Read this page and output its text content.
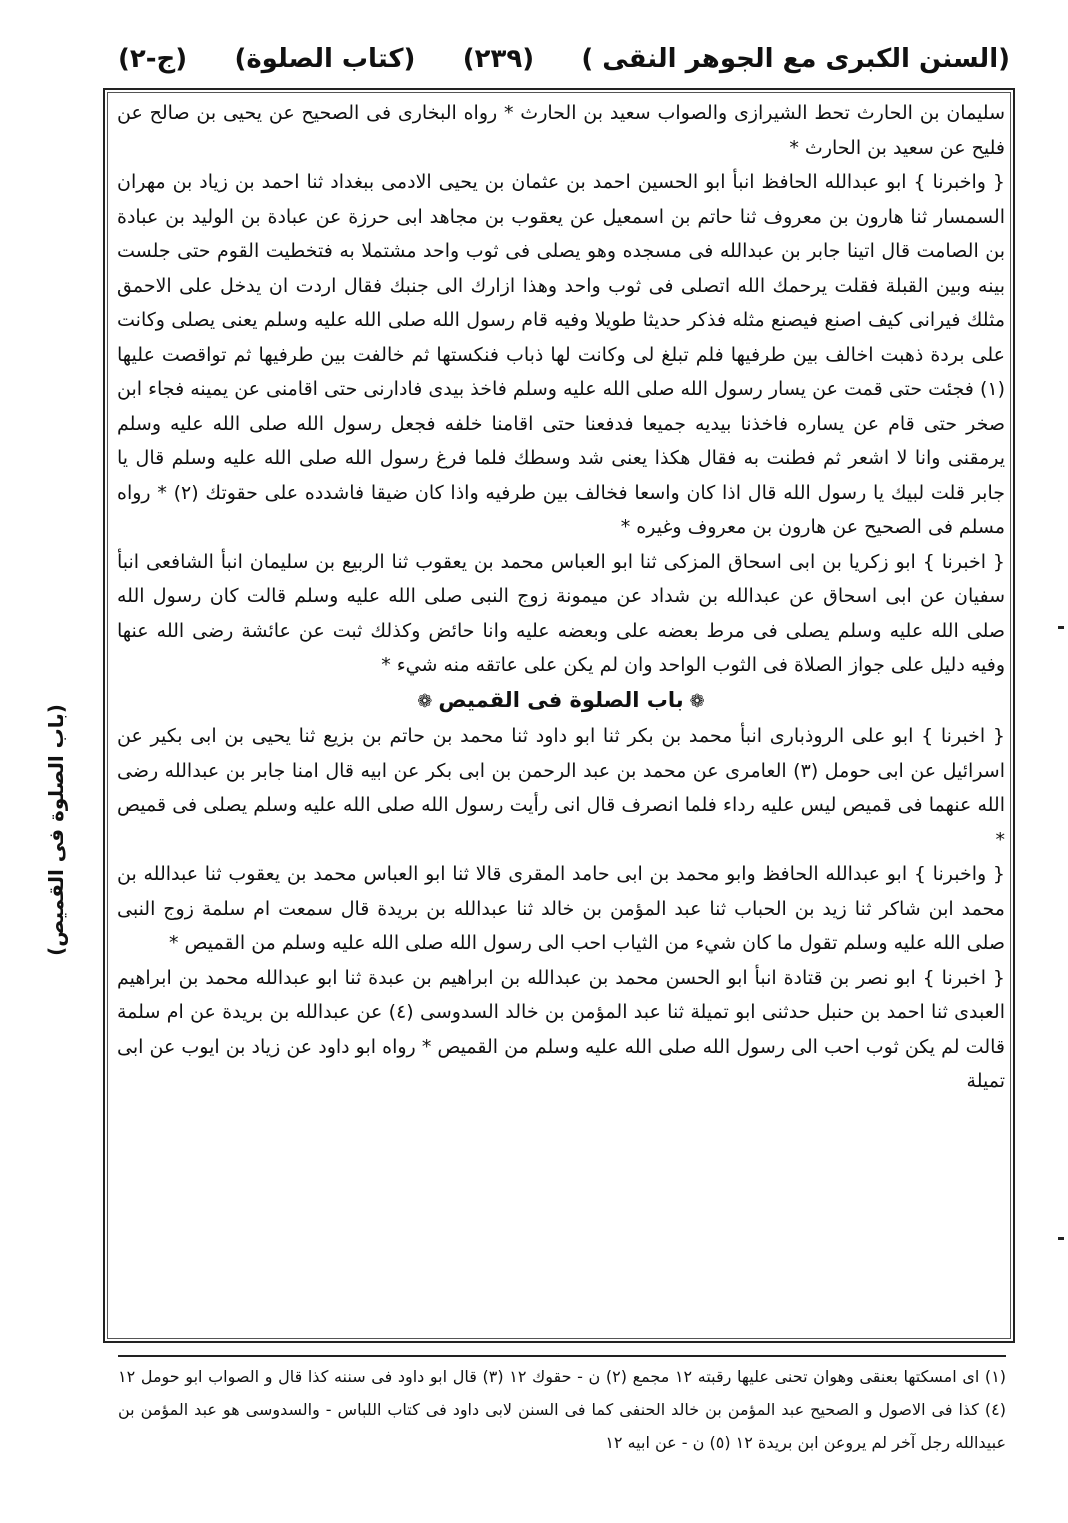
(السنن الكبرى مع الجوهر النقى )
(٢٣٩)
(كتاب الصلوة)
(ج-٢)

سليمان بن الحارث تحط الشيرازى والصواب سعيد بن الحارث * رواه البخارى فى الصحيح عن يحيى بن صالح عن فليح عن سعيد بن الحارث *

{ واخبرنا } ابو عبدالله الحافظ انبأ ابو الحسين احمد بن عثمان بن يحيى الادمى ببغداد ثنا احمد بن زياد بن مهران السمسار ثنا هارون بن معروف ثنا حاتم بن اسمعيل عن يعقوب بن مجاهد ابى حرزة عن عبادة بن الوليد بن عبادة بن الصامت قال اتينا جابر بن عبدالله فى مسجده وهو يصلى فى ثوب واحد مشتملا به فتخطيت القوم حتى جلست بينه وبين القبلة فقلت يرحمك الله اتصلى فى ثوب واحد وهذا ازارك الى جنبك فقال اردت ان يدخل على الاحمق مثلك فيرانى كيف اصنع فيصنع مثله فذكر حديثا طويلا وفيه قام رسول الله صلى الله عليه وسلم يعنى يصلى وكانت على بردة ذهبت اخالف بين طرفيها فلم تبلغ لى وكانت لها ذباب فنكستها ثم خالفت بين طرفيها ثم تواقصت عليها (١) فجئت حتى قمت عن يسار رسول الله صلى الله عليه وسلم فاخذ بيدى فادارنى حتى اقامنى عن يمينه فجاء ابن صخر حتى قام عن يساره فاخذنا بيديه جميعا فدفعنا حتى اقامنا خلفه فجعل رسول الله صلى الله عليه وسلم يرمقنى وانا لا اشعر ثم فطنت به فقال هكذا يعنى شد وسطك فلما فرغ رسول الله صلى الله عليه وسلم قال يا جابر قلت لبيك يا رسول الله قال اذا كان واسعا فخالف بين طرفيه واذا كان ضيقا فاشدده على حقوتك (٢) * رواه مسلم فى الصحيح عن هارون بن معروف وغيره *

{ اخبرنا } ابو زكريا بن ابى اسحاق المزكى ثنا ابو العباس محمد بن يعقوب ثنا الربيع بن سليمان انبأ الشافعى انبأ سفيان عن ابى اسحاق عن عبدالله بن شداد عن ميمونة زوج النبى صلى الله عليه وسلم قالت كان رسول الله صلى الله عليه وسلم يصلى فى مرط بعضه على وبعضه عليه وانا حائض وكذلك ثبت عن عائشة رضى الله عنها وفيه دليل على جواز الصلاة فى الثوب الواحد وان لم يكن على عاتقه منه شيء *

❁باب الصلوة فى القميص❁

{ اخبرنا } ابو على الروذبارى انبأ محمد بن بكر ثنا ابو داود ثنا محمد بن حاتم بن بزيع ثنا يحيى بن ابى بكير عن اسرائيل عن ابى حومل (٣) العامرى عن محمد بن عبد الرحمن بن ابى بكر عن ابيه قال امنا جابر بن عبدالله رضى الله عنهما فى قميص ليس عليه رداء فلما انصرف قال انى رأيت رسول الله صلى الله عليه وسلم يصلى فى قميص *

{ واخبرنا } ابو عبدالله الحافظ وابو محمد بن ابى حامد المقرى قالا ثنا ابو العباس محمد بن يعقوب ثنا عبدالله بن محمد ابن شاكر ثنا زيد بن الحباب ثنا عبد المؤمن بن خالد ثنا عبدالله بن بريدة قال سمعت ام سلمة زوج النبى صلى الله عليه وسلم تقول ما كان شيء من الثياب احب الى رسول الله صلى الله عليه وسلم من القميص *

{ اخبرنا } ابو نصر بن قتادة انبأ ابو الحسن محمد بن عبدالله بن ابراهيم بن عبدة ثنا ابو عبدالله محمد بن ابراهيم العبدى ثنا احمد بن حنبل حدثنى ابو تميلة ثنا عبد المؤمن بن خالد السدوسى (٤) عن عبدالله بن بريدة عن ام سلمة قالت لم يكن ثوب احب الى رسول الله صلى الله عليه وسلم من القميص * رواه ابو داود عن زياد بن ايوب عن ابى تميلة

(١) اى امسكتها بعنقى وهوان تحنى عليها رقبته ١٢ مجمع (٢) ن - حقوك ١٢ (٣) قال ابو داود فى سننه كذا قال و الصواب ابو حومل ١٢ (٤) كذا فى الاصول و الصحيح عبد المؤمن بن خالد الحنفى كما فى السنن لابى داود فى كتاب اللباس - والسدوسى هو عبد المؤمن بن عبيدالله رجل آخر لم يروعن ابن بريدة ١٢ (٥) ن - عن ابيه ١٢

(باب الصلوة فى القميص)
